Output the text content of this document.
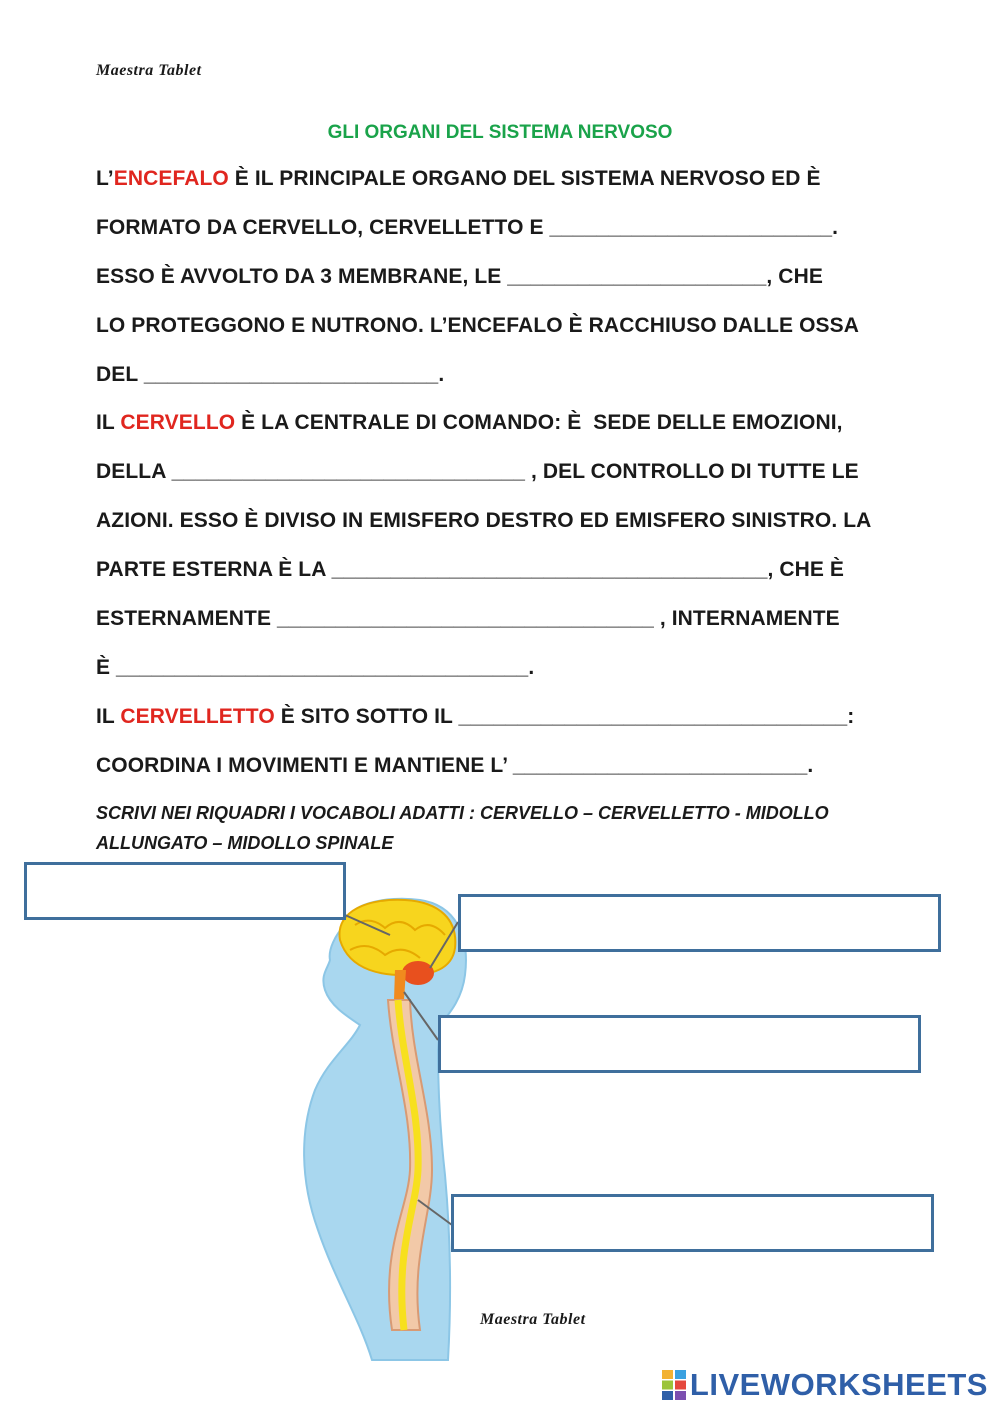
Maestra Tablet
GLI ORGANI DEL SISTEMA NERVOSO
L’ENCEFALO È IL PRINCIPALE ORGANO DEL SISTEMA NERVOSO ED È
FORMATO DA CERVELLO, CERVELLETTO E ________________________.
ESSO È AVVOLTO DA 3 MEMBRANE, LE ______________________, CHE
LO PROTEGGONO E NUTRONO. L’ENCEFALO È RACCHIUSO DALLE OSSA
DEL _________________________.
IL CERVELLO È LA CENTRALE DI COMANDO: È  SEDE DELLE EMOZIONI,
DELLA ______________________________ , DEL CONTROLLO DI TUTTE LE
AZIONI. ESSO È DIVISO IN EMISFERO DESTRO ED EMISFERO SINISTRO. LA
PARTE ESTERNA È LA _____________________________________, CHE È
ESTERNAMENTE ________________________________ , INTERNAMENTE
È ___________________________________.
IL CERVELLETTO È SITO SOTTO IL _________________________________:
COORDINA I MOVIMENTI E MANTIENE L’ _________________________.
SCRIVI NEI RIQUADRI I VOCABOLI ADATTI : CERVELLO – CERVELLETTO - MIDOLLO ALLUNGATO – MIDOLLO SPINALE
Maestra Tablet
LIVEWORKSHEETS
